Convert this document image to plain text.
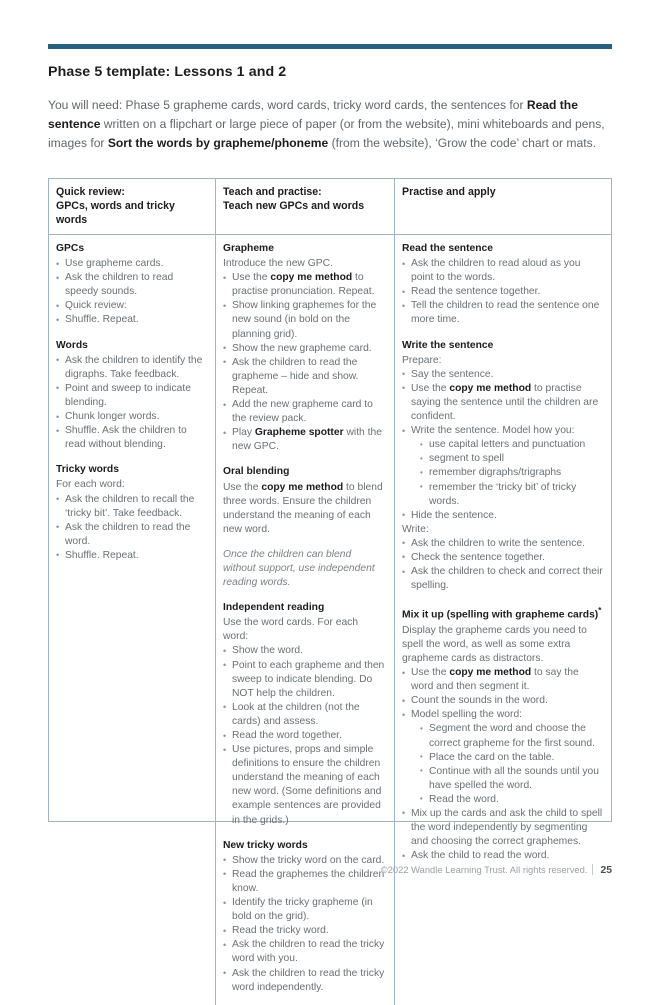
Phase 5 template: Lessons 1 and 2
You will need: Phase 5 grapheme cards, word cards, tricky word cards, the sentences for Read the sentence written on a flipchart or large piece of paper (or from the website), mini whiteboards and pens, images for Sort the words by grapheme/phoneme (from the website), ‘Grow the code’ chart or mats.
Quick review:
GPCs, words and tricky words
Teach and practise:
Teach new GPCs and words
Practise and apply
GPCs
• Use grapheme cards.
• Ask the children to read speedy sounds.
• Quick review:
• Shuffle. Repeat.
Words
• Ask the children to identify the digraphs. Take feedback.
• Point and sweep to indicate blending.
• Chunk longer words.
• Shuffle. Ask the children to read without blending.
Tricky words
For each word:
• Ask the children to recall the ‘tricky bit’. Take feedback.
• Ask the children to read the word.
• Shuffle. Repeat.
Grapheme
Introduce the new GPC.
• Use the copy me method to practise pronunciation. Repeat.
• Show linking graphemes for the new sound (in bold on the planning grid).
• Show the new grapheme card.
• Ask the children to read the grapheme – hide and show. Repeat.
• Add the new grapheme card to the review pack.
• Play Grapheme spotter with the new GPC.
Oral blending
Use the copy me method to blend three words. Ensure the children understand the meaning of each new word.
Once the children can blend without support, use independent reading words.
Independent reading
Use the word cards. For each word:
• Show the word.
• Point to each grapheme and then sweep to indicate blending. Do NOT help the children.
• Look at the children (not the cards) and assess.
• Read the word together.
• Use pictures, props and simple definitions to ensure the children understand the meaning of each new word. (Some definitions and example sentences are provided in the grids.)
New tricky words
• Show the tricky word on the card.
• Read the graphemes the children know.
• Identify the tricky grapheme (in bold on the grid).
• Read the tricky word.
• Ask the children to read the tricky word with you.
• Ask the children to read the tricky word independently.
Read the sentence
• Ask the children to read aloud as you point to the words.
• Read the sentence together.
• Tell the children to read the sentence one more time.
Write the sentence
Prepare:
• Say the sentence.
• Use the copy me method to practise saying the sentence until the children are confident.
• Write the sentence. Model how you:
• use capital letters and punctuation
• segment to spell
• remember digraphs/trigraphs
• remember the ‘tricky bit’ of tricky words.
• Hide the sentence.
Write:
• Ask the children to write the sentence.
• Check the sentence together.
• Ask the children to check and correct their spelling.
Mix it up (spelling with grapheme cards)*
Display the grapheme cards you need to spell the word, as well as some extra grapheme cards as distractors.
• Use the copy me method to say the word and then segment it.
• Count the sounds in the word.
• Model spelling the word:
• Segment the word and choose the correct grapheme for the first sound.
• Place the card on the table.
• Continue with all the sounds until you have spelled the word.
• Read the word.
• Mix up the cards and ask the child to spell the word independently by segmenting and choosing the correct graphemes.
• Ask the child to read the word.
©2022 Wandle Learning Trust. All rights reserved. 25
